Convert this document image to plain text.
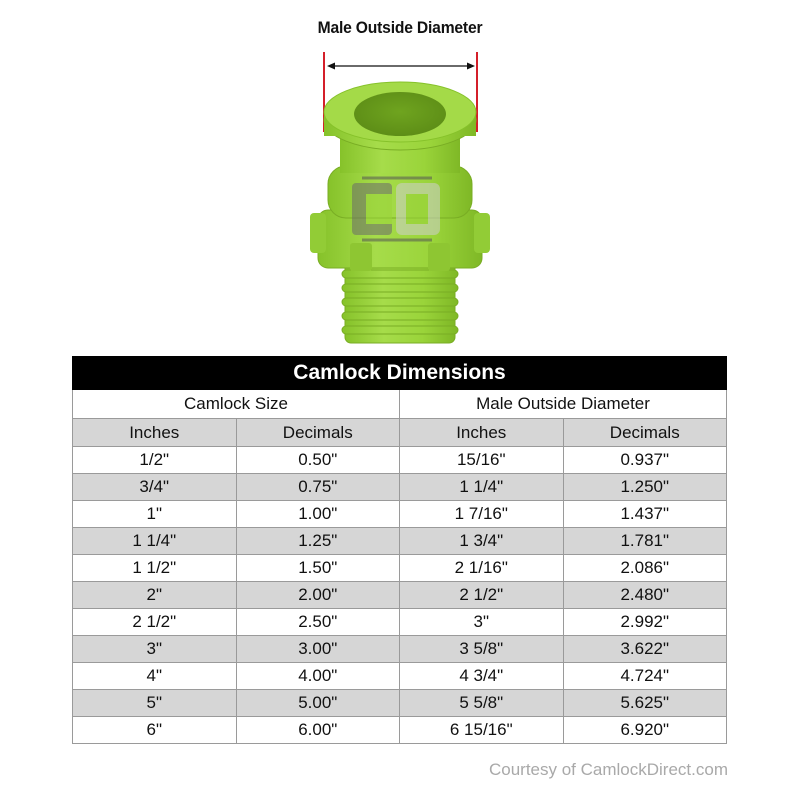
Male Outside Diameter
Camlock Dimensions			
Camlock Size		Male Outside Diameter	
Inches	Decimals	Inches	Decimals
1/2"	0.50"	15/16"	0.937"
3/4"	0.75"	1 1/4"	1.250"
1"	1.00"	1 7/16"	1.437"
1 1/4"	1.25"	1 3/4"	1.781"
1 1/2"	1.50"	2 1/16"	2.086"
2"	2.00"	2 1/2"	2.480"
2 1/2"	2.50"	3"	2.992"
3"	3.00"	3 5/8"	3.622"
4"	4.00"	4 3/4"	4.724"
5"	5.00"	5 5/8"	5.625"
6"	6.00"	6 15/16"	6.920"
Courtesy of CamlockDirect.com
